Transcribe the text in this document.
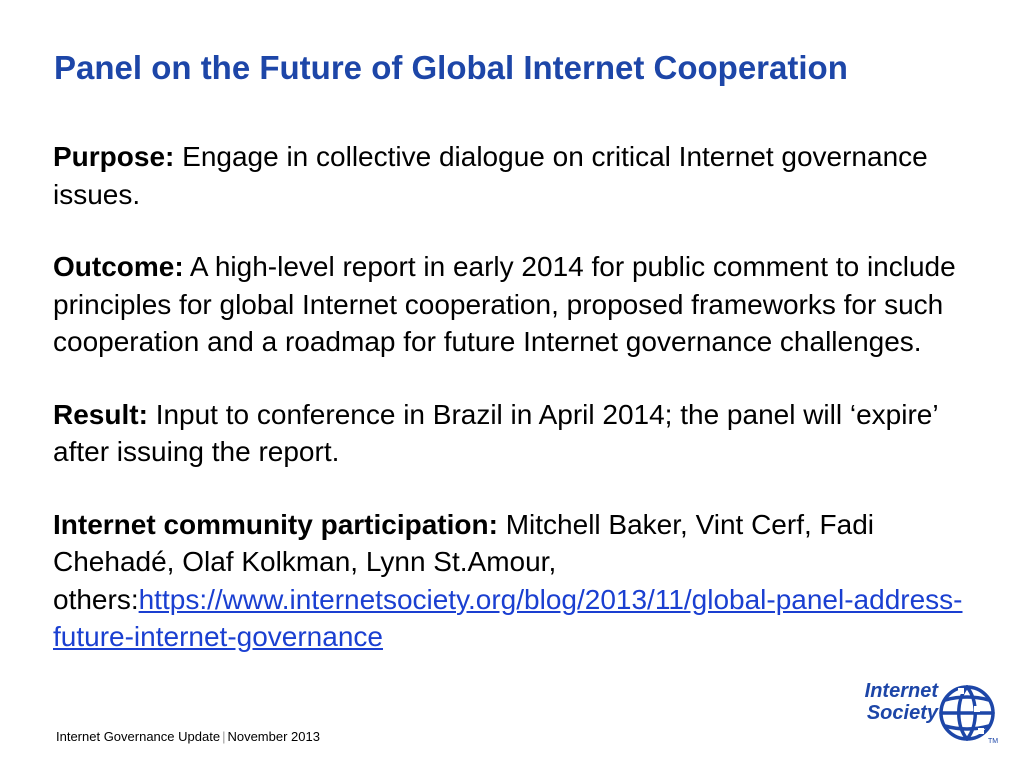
Panel on the Future of Global Internet Cooperation

Purpose: Engage in collective dialogue on critical Internet governance issues.

Outcome: A high-level report in early 2014 for public comment to include principles for global Internet cooperation, proposed frameworks for such cooperation and a roadmap for future Internet governance challenges.

Result: Input to conference in Brazil in April 2014; the panel will ‘expire’ after issuing the report.

Internet community participation: Mitchell Baker, Vint Cerf, Fadi Chehadé, Olaf Kolkman, Lynn St.Amour, others:https://www.internetsociety.org/blog/2013/11/global-panel-address-future-internet-governance

Internet Governance Update | November 2013
Internet
Society
TM
